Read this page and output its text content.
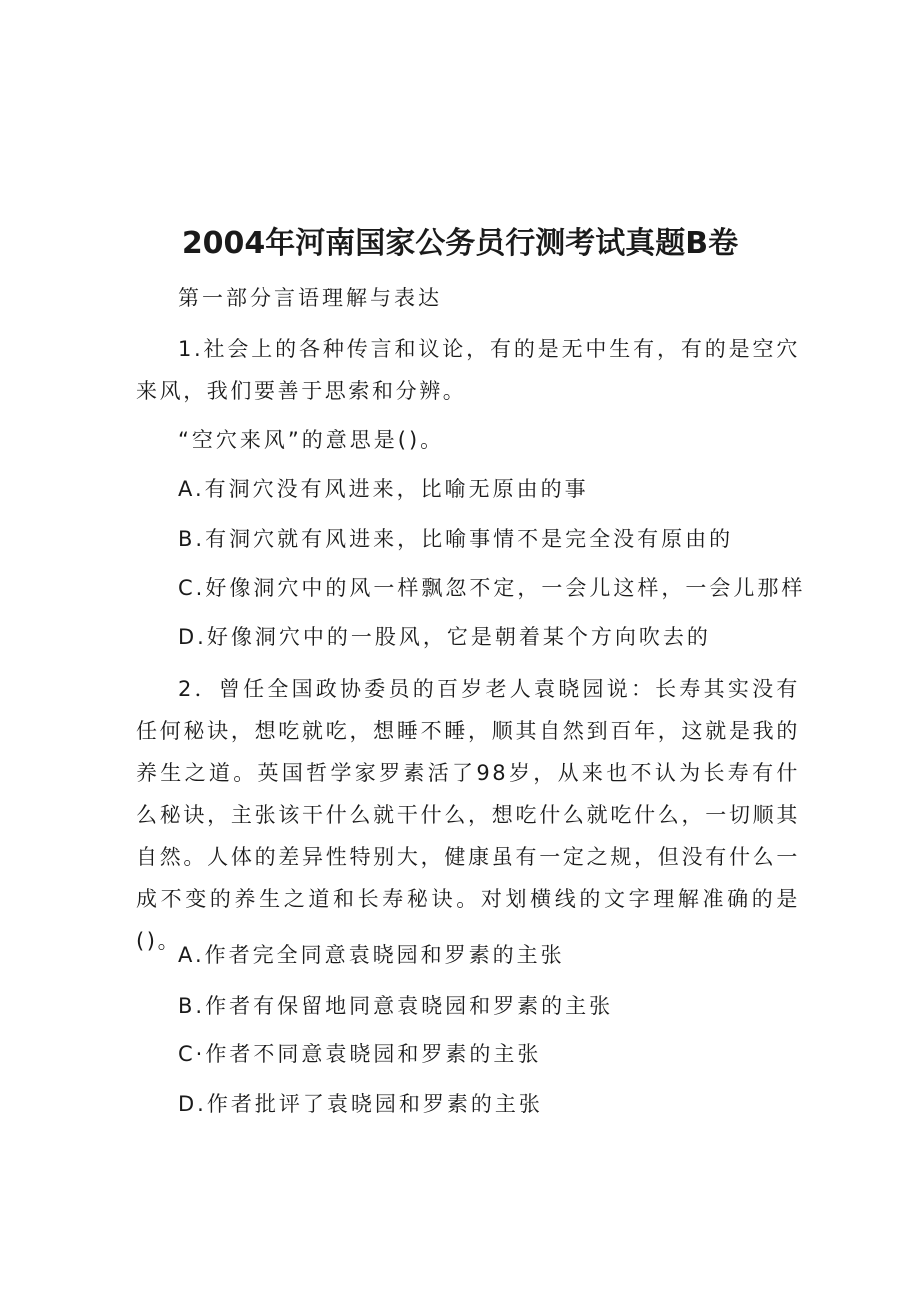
2004年河南国家公务员行测考试真题B卷
第一部分言语理解与表达
1.社会上的各种传言和议论，有的是无中生有，有的是空穴来风，我们要善于思索和分辨。
“空穴来风”的意思是()。
A.有洞穴没有风进来，比喻无原由的事
B.有洞穴就有风进来，比喻事情不是完全没有原由的
C.好像洞穴中的风一样飘忽不定，一会儿这样，一会儿那样
D.好像洞穴中的一股风，它是朝着某个方向吹去的
2．曾任全国政协委员的百岁老人袁晓园说：长寿其实没有任何秘诀，想吃就吃，想睡不睡，顺其自然到百年，这就是我的养生之道。英国哲学家罗素活了98岁，从来也不认为长寿有什么秘诀，主张该干什么就干什么，想吃什么就吃什么，一切顺其自然。人体的差异性特别大，健康虽有一定之规，但没有什么一成不变的养生之道和长寿秘诀。对划横线的文字理解准确的是()。
A.作者完全同意袁晓园和罗素的主张
B.作者有保留地同意袁晓园和罗素的主张
C·作者不同意袁晓园和罗素的主张
D.作者批评了袁晓园和罗素的主张
